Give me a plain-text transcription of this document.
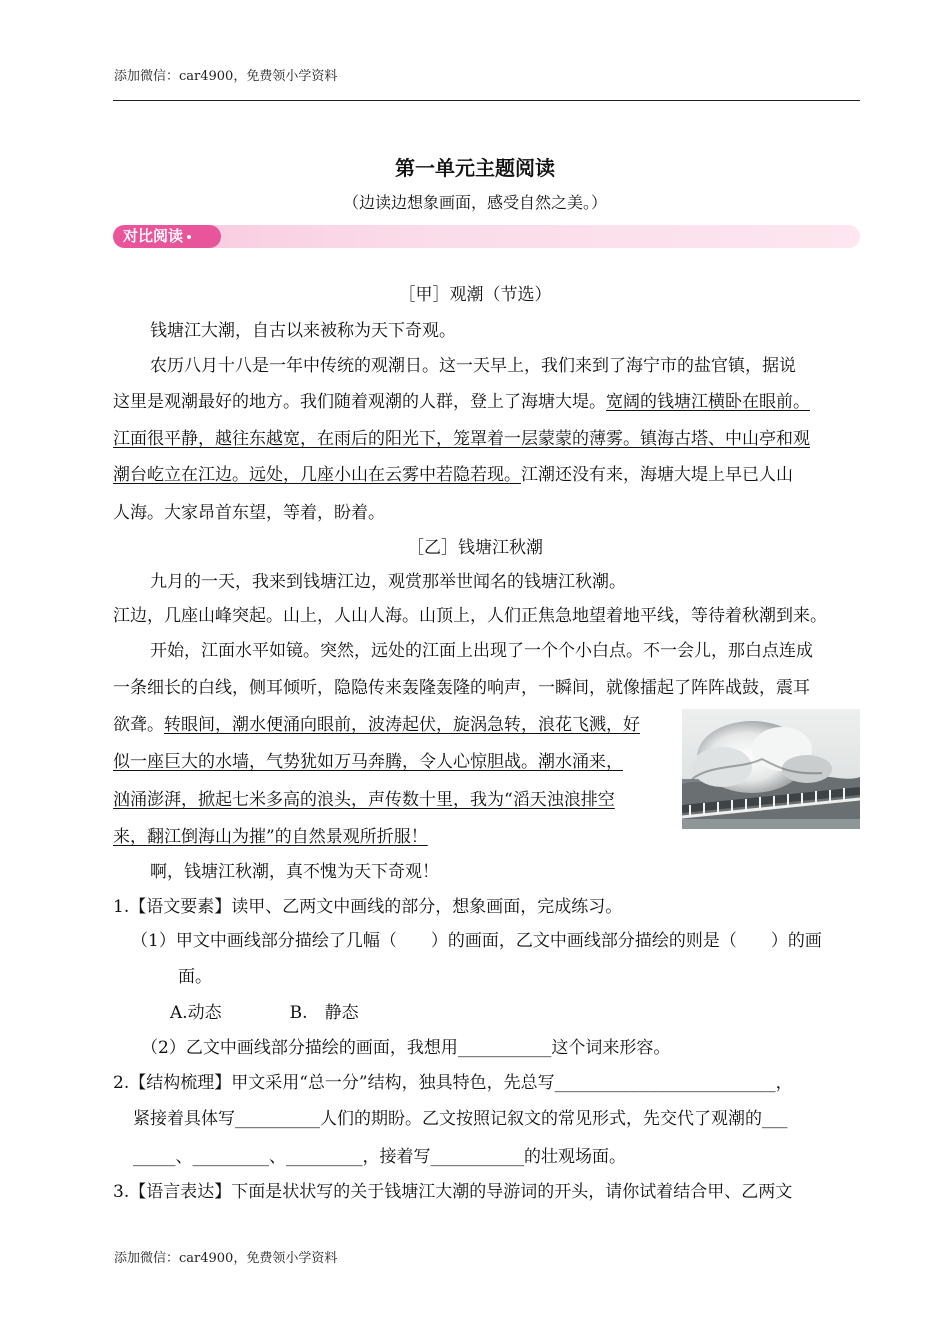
添加微信：car4900，免费领小学资料
第一单元主题阅读
（边读边想象画面，感受自然之美。）
对比阅读
［甲］观潮（节选）
钱塘江大潮，自古以来被称为天下奇观。
农历八月十八是一年中传统的观潮日。这一天早上，我们来到了海宁市的盐官镇，据说
这里是观潮最好的地方。我们随着观潮的人群，登上了海塘大堤。宽阔的钱塘江横卧在眼前。
江面很平静，越往东越宽，在雨后的阳光下，笼罩着一层蒙蒙的薄雾。镇海古塔、中山亭和观
潮台屹立在江边。远处，几座小山在云雾中若隐若现。江潮还没有来，海塘大堤上早已人山
人海。大家昂首东望，等着，盼着。
［乙］钱塘江秋潮
九月的一天，我来到钱塘江边，观赏那举世闻名的钱塘江秋潮。
江边，几座山峰突起。山上，人山人海。山顶上，人们正焦急地望着地平线，等待着秋潮到来。
开始，江面水平如镜。突然，远处的江面上出现了一个个小白点。不一会儿，那白点连成
一条细长的白线，侧耳倾听，隐隐传来轰隆轰隆的响声，一瞬间，就像擂起了阵阵战鼓，震耳
欲聋。转眼间，潮水便涌向眼前，波涛起伏，旋涡急转，浪花飞溅，好
似一座巨大的水墙，气势犹如万马奔腾，令人心惊胆战。潮水涌来，
汹涌澎湃，掀起七米多高的浪头，声传数十里，我为“滔天浊浪排空
来，翻江倒海山为摧”的自然景观所折服！
啊，钱塘江秋潮，真不愧为天下奇观！
1.【语文要素】读甲、乙两文中画线的部分，想象画面，完成练习。
（1）甲文中画线部分描绘了几幅（　　）的画面，乙文中画线部分描绘的则是（　　）的画
面。
A.动态　　　　B.　静态
（2）乙文中画线部分描绘的画面，我想用___________这个词来形容。
2.【结构梳理】甲文采用“总一分”结构，独具特色，先总写__________________________，
紧接着具体写__________人们的期盼。乙文按照记叙文的常见形式，先交代了观潮的___
_____、_________、_________，接着写___________的壮观场面。
3.【语言表达】下面是状状写的关于钱塘江大潮的导游词的开头，请你试着结合甲、乙两文
添加微信：car4900，免费领小学资料
